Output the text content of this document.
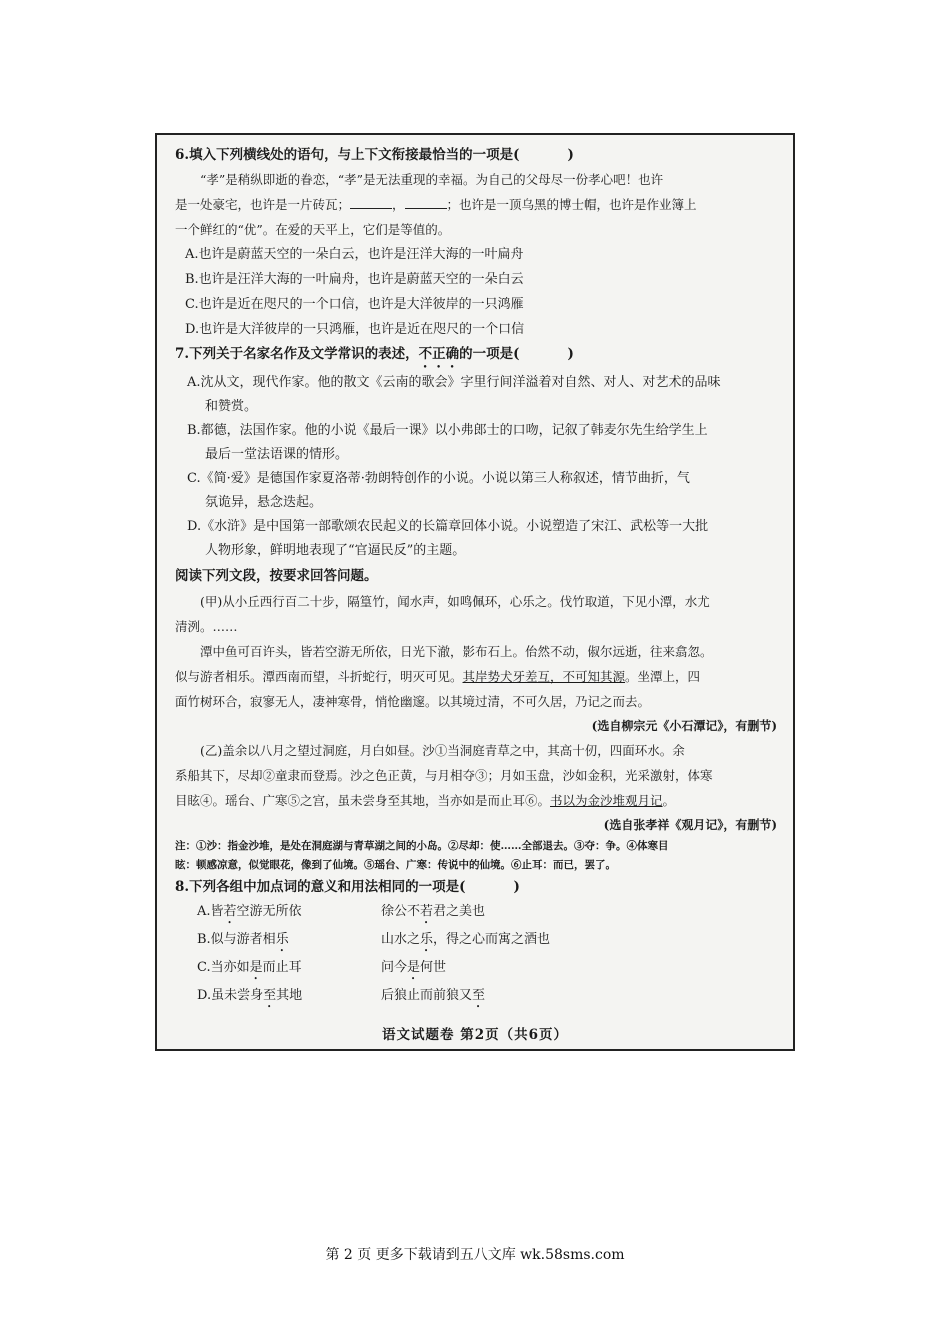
6.填入下列横线处的语句，与上下文衔接最恰当的一项是(	)
“孝”是稍纵即逝的眷恋，“孝”是无法重现的幸福。为自己的父母尽一份孝心吧！也许
是一处豪宅，也许是一片砖瓦；	，	；也许是一顶乌黑的博士帽，也许是作业簿上
一个鲜红的“优”。在爱的天平上，它们是等值的。
A.也许是蔚蓝天空的一朵白云，也许是汪洋大海的一叶扁舟
B.也许是汪洋大海的一叶扁舟，也许是蔚蓝天空的一朵白云
C.也许是近在咫尺的一个口信，也许是大洋彼岸的一只鸿雁
D.也许是大洋彼岸的一只鸿雁，也许是近在咫尺的一个口信
7.下列关于名家名作及文学常识的表述，不正确的一项是(	)
A.沈从文，现代作家。他的散文《云南的歌会》字里行间洋溢着对自然、对人、对艺术的品味
和赞赏。
B.都德，法国作家。他的小说《最后一课》以小弗郎士的口吻，记叙了韩麦尔先生给学生上
最后一堂法语课的情形。
C.《简·爱》是德国作家夏洛蒂·勃朗特创作的小说。小说以第三人称叙述，情节曲折，气
氛诡异，悬念迭起。
D.《水浒》是中国第一部歌颂农民起义的长篇章回体小说。小说塑造了宋江、武松等一大批
人物形象，鲜明地表现了“官逼民反”的主题。
阅读下列文段，按要求回答问题。
(甲)从小丘西行百二十步，隔篁竹，闻水声，如鸣佩环，心乐之。伐竹取道，下见小潭，水尤
清洌。……
潭中鱼可百许头，皆若空游无所依，日光下澈，影布石上。佁然不动，俶尔远逝，往来翕忽。
似与游者相乐。潭西南而望，斗折蛇行，明灭可见。其岸势犬牙差互，不可知其源。坐潭上，四
面竹树环合，寂寥无人，凄神寒骨，悄怆幽邃。以其境过清，不可久居，乃记之而去。
(选自柳宗元《小石潭记》，有删节)
(乙)盖余以八月之望过洞庭，月白如昼。沙①当洞庭青草之中，其高十仞，四面环水。余
系船其下，尽却②童隶而登焉。沙之色正黄，与月相夺③；月如玉盘，沙如金积，光采激射，体寒
目眩④。瑶台、广寒⑤之宫，虽未尝身至其地，当亦如是而止耳⑥。书以为金沙堆观月记。
(选自张孝祥《观月记》，有删节)
注：①沙：指金沙堆，是处在洞庭湖与青草湖之间的小岛。②尽却：使……全部退去。③夺：争。④体寒目
眩：顿感凉意，似觉眼花，像到了仙境。⑤瑶台、广寒：传说中的仙境。⑥止耳：而已，罢了。
8.下列各组中加点词的意义和用法相同的一项是(	)
A.皆若空游无所依	徐公不若君之美也
B.似与游者相乐	山水之乐，得之心而寓之酒也
C.当亦如是而止耳	问今是何世
D.虽未尝身至其地	后狼止而前狼又至
语文试题卷 第2页（共6页）
第 2 页 更多下载请到五八文库 wk.58sms.com
